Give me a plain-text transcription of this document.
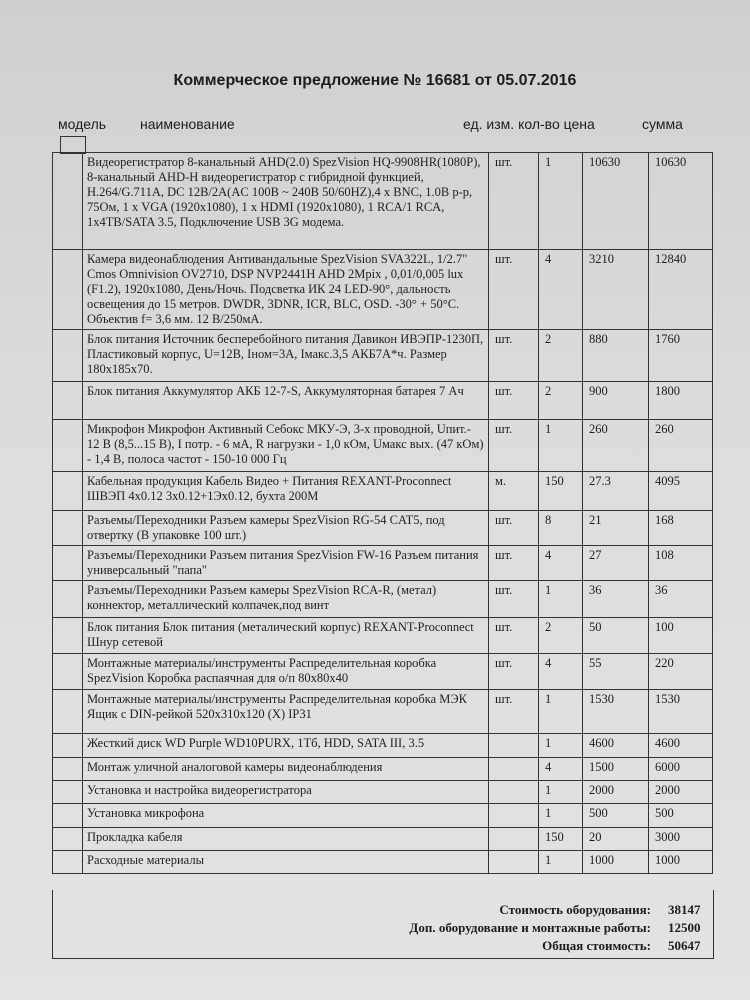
Коммерческое предложение № 16681 от 05.07.2016
модель наименование	ед. изм. кол-во цена	сумма
	Видеорегистратор 8-канальный AHD(2.0) SpezVision HQ-9908HR(1080P), 8-канальный AHD-H видеорегистратор с гибридной функцией, H.264/G.711A, DC 12В/2А(AC 100В ~ 240В 50/60HZ),4 x BNC, 1.0В р-р, 75Ом, 1 x VGA (1920x1080), 1 x HDMI (1920x1080), 1 RCA/1 RCA, 1x4TB/SATA 3.5, Подключение USB 3G модема.	шт.	1	10630	10630
	Камера видеонаблюдения Антивандальные SpezVision SVA322L, 1/2.7" Cmos Omnivision OV2710, DSP NVP2441H AHD 2Mpix , 0,01/0,005 lux (F1.2), 1920x1080, День/Ночь. Подсветка ИК 24 LED-90°, дальность освещения до 15 метров. DWDR, 3DNR, ICR, BLC, OSD. -30° + 50°C. Объектив f= 3,6 мм. 12 В/250мА.	шт.	4	3210	12840
	Блок питания Источник бесперебойного питания Давикон ИВЭПР-1230П, Пластиковый корпус, U=12В, Iном=3А, Iмакс.3,5 АКБ7А*ч. Размер 180х185х70.	шт.	2	880	1760
	Блок питания Аккумулятор АКБ 12-7-S, Аккумуляторная батарея 7 Ач	шт.	2	900	1800
	Микрофон Микрофон Активный Себокс МКУ-Э, 3-х проводной, Uпит.- 12 В (8,5...15 В), I потр. - 6 мА, R нагрузки - 1,0 кОм, Uмакс вых. (47 кОм) - 1,4 В, полоса частот - 150-10 000 Гц	шт.	1	260	260
	Кабельная продукция Кабель Видео + Питания REXANT-Proconnect ШВЭП 4х0.12 3х0.12+1Эх0.12, бухта 200М	м.	150	27.3	4095
	Разъемы/Переходники Разъем камеры SpezVision RG-54 CAT5, под отвертку (В упаковке 100 шт.)	шт.	8	21	168
	Разъемы/Переходники Разъем питания SpezVision FW-16 Разъем питания универсальный "папа"	шт.	4	27	108
	Разъемы/Переходники Разъем камеры SpezVision RCA-R, (метал) коннектор, металлический колпачек,под винт	шт.	1	36	36
	Блок питания Блок питания (металический корпус) REXANT-Proconnect Шнур сетевой	шт.	2	50	100
	Монтажные материалы/инструменты Распределительная коробка SpezVision Коробка распаячная для о/п 80х80х40	шт.	4	55	220
	Монтажные материалы/инструменты Распределительная коробка МЭК Ящик с DIN-рейкой 520х310х120 (Х) IP31	шт.	1	1530	1530
	Жесткий диск WD Purple WD10PURX, 1Тб, HDD, SATA III, 3.5		1	4600	4600
	Монтаж уличной аналоговой камеры видеонаблюдения		4	1500	6000
	Установка и настройка видеорегистратора		1	2000	2000
	Установка микрофона		1	500	500
	Прокладка кабеля		150	20	3000
	Расходные материалы		1	1000	1000
Стоимость оборудования: 38147
Доп. оборудование и монтажные работы: 12500
Общая стоимость: 50647
